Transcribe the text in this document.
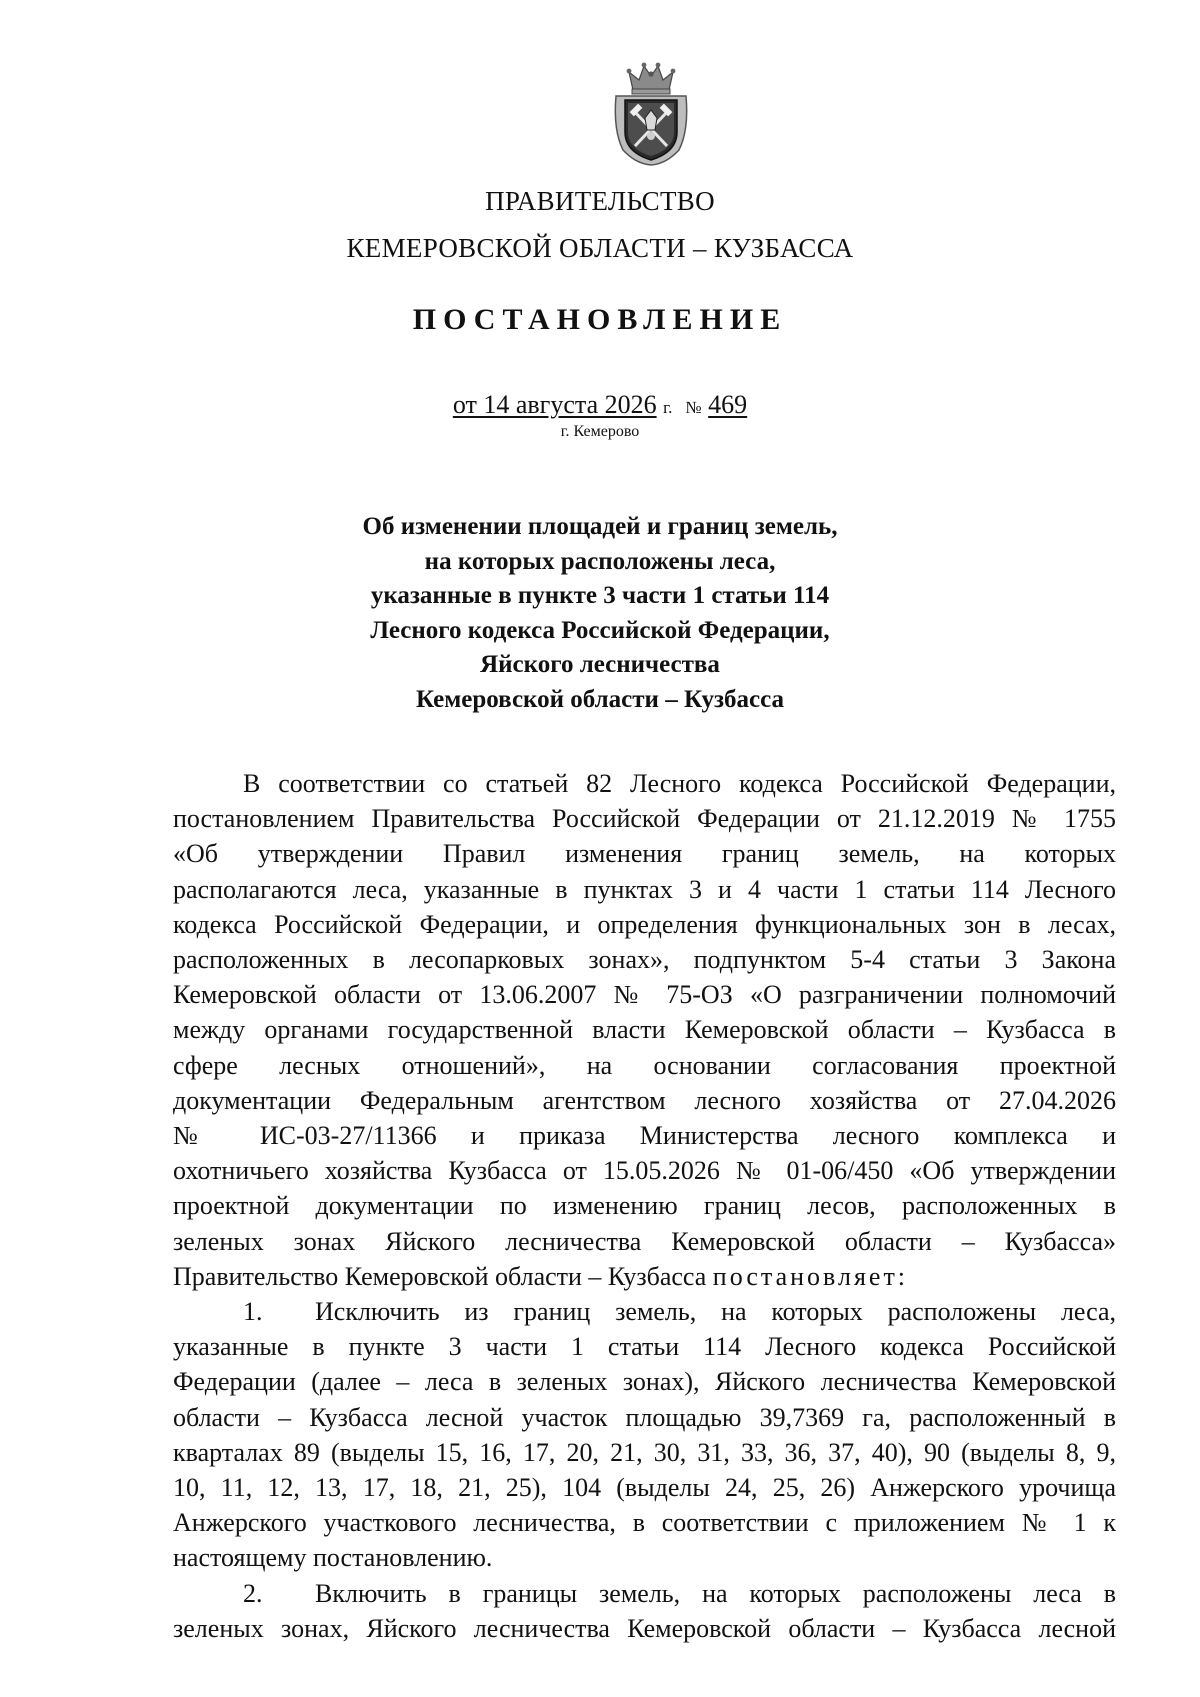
ПРАВИТЕЛЬСТВО
КЕМЕРОВСКОЙ ОБЛАСТИ – КУЗБАССА
ПОСТАНОВЛЕНИЕ
от 14 августа 2026 г. № 469
г. Кемерово
Об изменении площадей и границ земель,
на которых расположены леса,
указанные в пункте 3 части 1 статьи 114
Лесного кодекса Российской Федерации,
Яйского лесничества
Кемеровской области – Кузбасса
В соответствии со статьей 82 Лесного кодекса Российской Федерации,
постановлением Правительства Российской Федерации от 21.12.2019 № 1755
«Об утверждении Правил изменения границ земель, на которых
располагаются леса, указанные в пунктах 3 и 4 части 1 статьи 114 Лесного
кодекса Российской Федерации, и определения функциональных зон в лесах,
расположенных в лесопарковых зонах», подпунктом 5-4 статьи 3 Закона
Кемеровской области от 13.06.2007 № 75-ОЗ «О разграничении полномочий
между органами государственной власти Кемеровской области – Кузбасса в
сфере лесных отношений», на основании согласования проектной
документации Федеральным агентством лесного хозяйства от 27.04.2026
№ ИС-03-27/11366 и приказа Министерства лесного комплекса и
охотничьего хозяйства Кузбасса от 15.05.2026 № 01-06/450 «Об утверждении
проектной документации по изменению границ лесов, расположенных в
зеленых зонах Яйского лесничества Кемеровской области – Кузбасса»
Правительство Кемеровской области – Кузбасса постановляет:
1. Исключить из границ земель, на которых расположены леса,
указанные в пункте 3 части 1 статьи 114 Лесного кодекса Российской
Федерации (далее – леса в зеленых зонах), Яйского лесничества Кемеровской
области – Кузбасса лесной участок площадью 39,7369 га, расположенный в
кварталах 89 (выделы 15, 16, 17, 20, 21, 30, 31, 33, 36, 37, 40), 90 (выделы 8, 9,
10, 11, 12, 13, 17, 18, 21, 25), 104 (выделы 24, 25, 26) Анжерского урочища
Анжерского участкового лесничества, в соответствии с приложением № 1 к
настоящему постановлению.
2. Включить в границы земель, на которых расположены леса в
зеленых зонах, Яйского лесничества Кемеровской области – Кузбасса лесной
